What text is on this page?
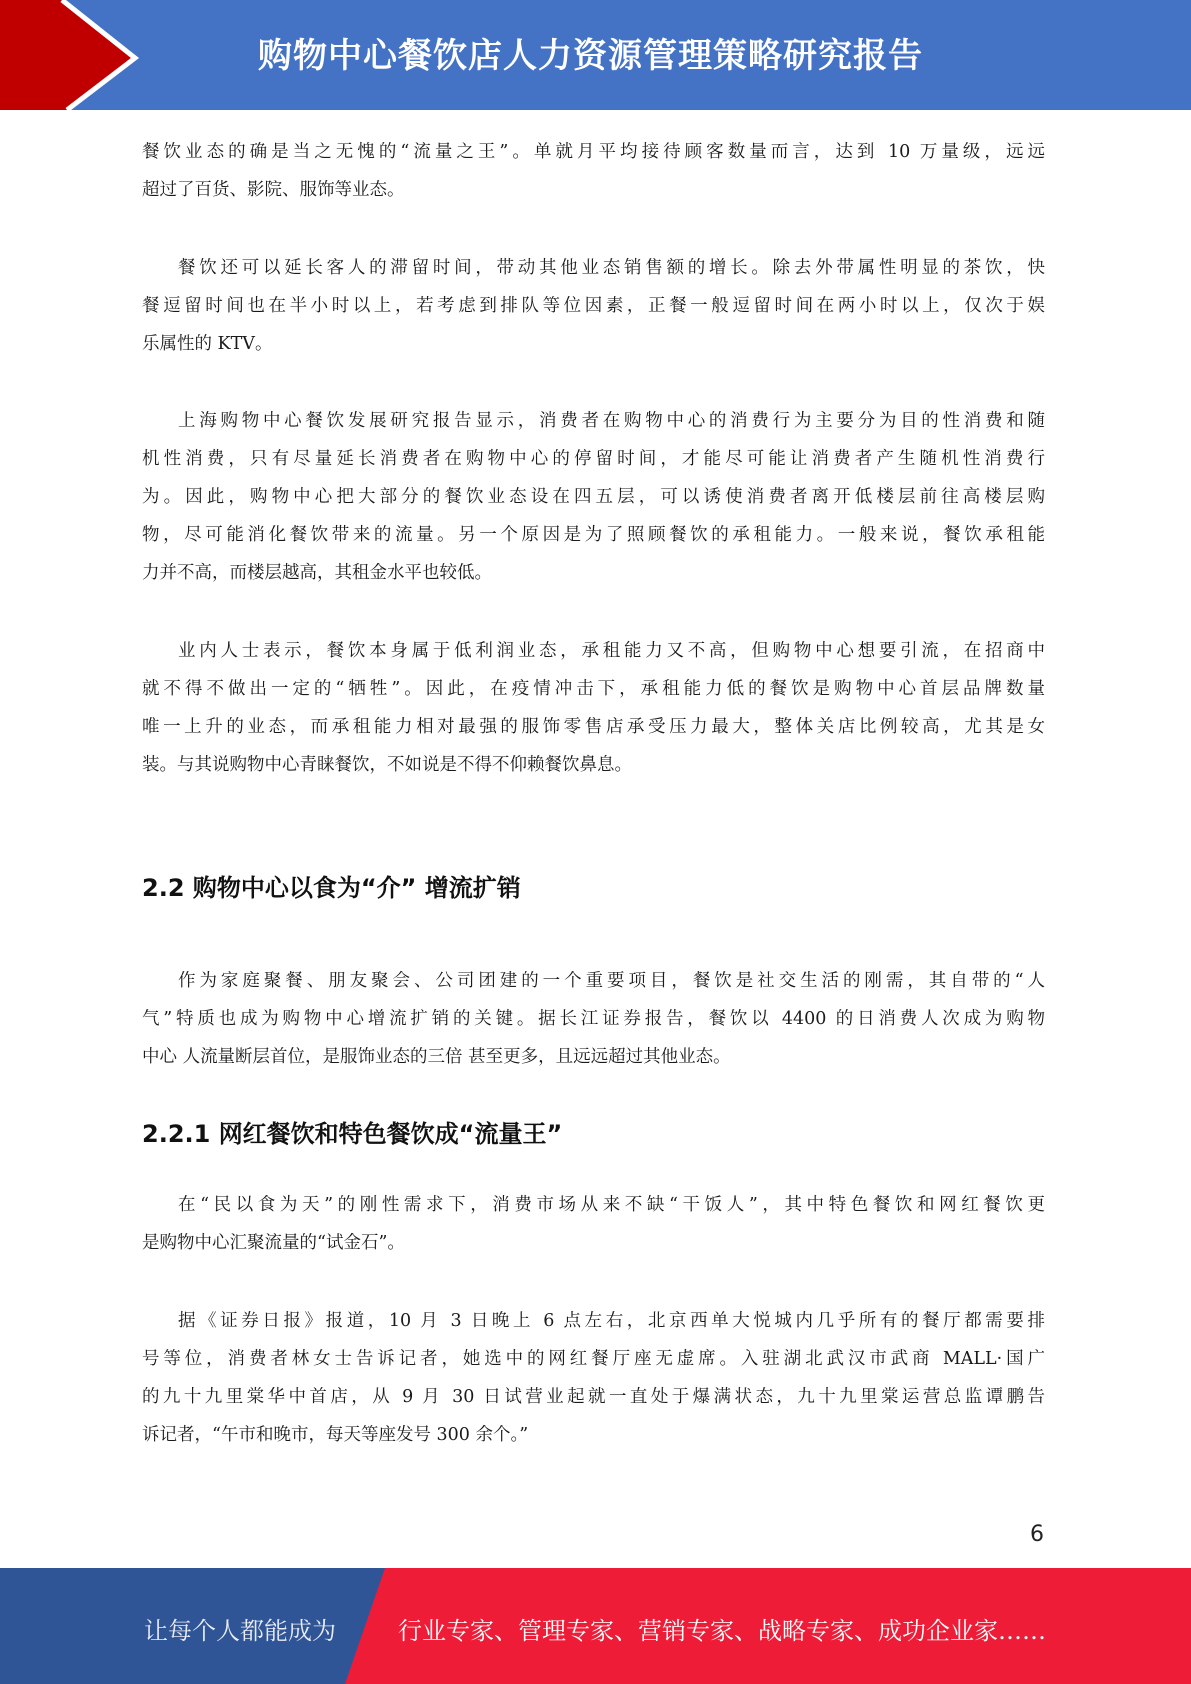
购物中心餐饮店人力资源管理策略研究报告
餐饮业态的确是当之无愧的“流量之王”。单就月平均接待顾客数量而言，达到 10 万量级，远远
超过了百货、影院、服饰等业态。
餐饮还可以延长客人的滞留时间，带动其他业态销售额的增长。除去外带属性明显的茶饮，快
餐逗留时间也在半小时以上，若考虑到排队等位因素，正餐一般逗留时间在两小时以上，仅次于娱
乐属性的 KTV。
上海购物中心餐饮发展研究报告显示，消费者在购物中心的消费行为主要分为目的性消费和随
机性消费，只有尽量延长消费者在购物中心的停留时间，才能尽可能让消费者产生随机性消费行
为。因此，购物中心把大部分的餐饮业态设在四五层，可以诱使消费者离开低楼层前往高楼层购
物，尽可能消化餐饮带来的流量。另一个原因是为了照顾餐饮的承租能力。一般来说，餐饮承租能
力并不高，而楼层越高，其租金水平也较低。
业内人士表示，餐饮本身属于低利润业态，承租能力又不高，但购物中心想要引流，在招商中
就不得不做出一定的“牺牲”。因此，在疫情冲击下，承租能力低的餐饮是购物中心首层品牌数量
唯一上升的业态，而承租能力相对最强的服饰零售店承受压力最大，整体关店比例较高，尤其是女
装。与其说购物中心青睐餐饮，不如说是不得不仰赖餐饮鼻息。
2.2 购物中心以食为“介” 增流扩销
作为家庭聚餐、朋友聚会、公司团建的一个重要项目，餐饮是社交生活的刚需，其自带的“人
气”特质也成为购物中心增流扩销的关键。据长江证券报告，餐饮以 4400 的日消费人次成为购物
中心 人流量断层首位，是服饰业态的三倍 甚至更多，且远远超过其他业态。
2.2.1 网红餐饮和特色餐饮成“流量王”
在“民以食为天”的刚性需求下，消费市场从来不缺“干饭人”，其中特色餐饮和网红餐饮更
是购物中心汇聚流量的“试金石”。
据《证券日报》报道，10 月 3 日晚上 6 点左右，北京西单大悦城内几乎所有的餐厅都需要排
号等位，消费者林女士告诉记者，她选中的网红餐厅座无虚席。入驻湖北武汉市武商 MALL·国广
的九十九里棠华中首店，从 9 月 30 日试营业起就一直处于爆满状态，九十九里棠运营总监谭鹏告
诉记者，“午市和晚市，每天等座发号 300 余个。”
6
让每个人都能成为	行业专家、管理专家、营销专家、战略专家、成功企业家……
